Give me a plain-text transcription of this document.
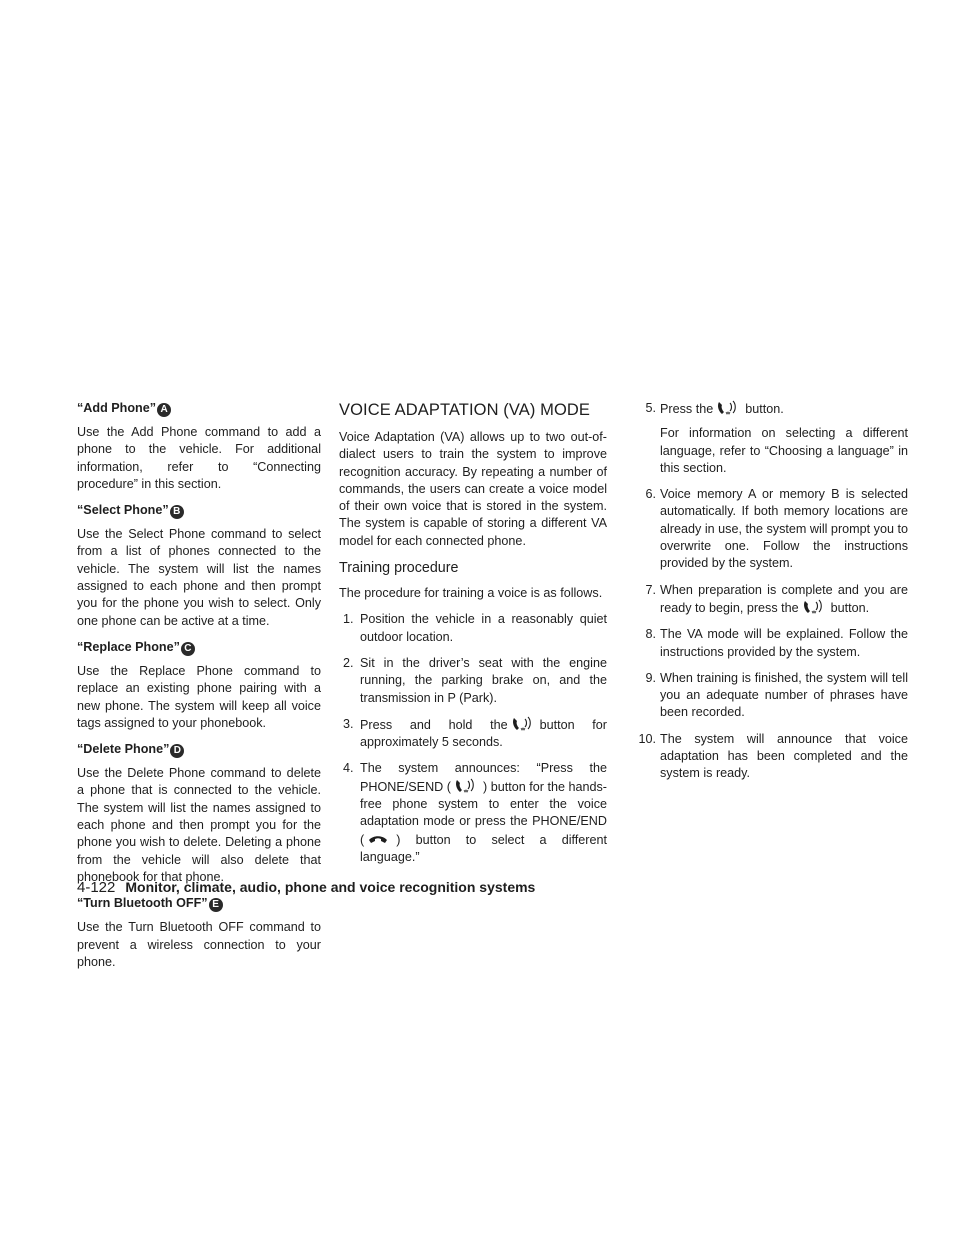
“Add Phone” A

Use the Add Phone command to add a phone to the vehicle. For additional information, refer to “Connecting procedure” in this section.

“Select Phone” B

Use the Select Phone command to select from a list of phones connected to the vehicle. The system will list the names assigned to each phone and then prompt you for the phone you wish to select. Only one phone can be active at a time.

“Replace Phone” C

Use the Replace Phone command to replace an existing phone pairing with a new phone. The system will keep all voice tags assigned to your phonebook.

“Delete Phone” D

Use the Delete Phone command to delete a phone that is connected to the vehicle. The system will list the names assigned to each phone and then prompt you for the phone you wish to delete. Deleting a phone from the vehicle will also delete that phonebook for that phone.

“Turn Bluetooth OFF” E

Use the Turn Bluetooth OFF command to prevent a wireless connection to your phone.

VOICE ADAPTATION (VA) MODE

Voice Adaptation (VA) allows up to two out-of-dialect users to train the system to improve recognition accuracy. By repeating a number of commands, the users can create a voice model of their own voice that is stored in the system. The system is capable of storing a different VA model for each connected phone.

Training procedure

The procedure for training a voice is as follows.

1. Position the vehicle in a reasonably quiet outdoor location.
2. Sit in the driver’s seat with the engine running, the parking brake on, and the transmission in P (Park).
3. Press and hold the	button for approximately 5 seconds.
4. The system announces: “Press the PHONE/SEND (	) button for the hands-free phone system to enter the voice adaptation mode or press the PHONE/END (	) button to select a different language.”
5. Press the	button.

For information on selecting a different language, refer to “Choosing a language” in this section.

6. Voice memory A or memory B is selected automatically. If both memory locations are already in use, the system will prompt you to overwrite one. Follow the instructions provided by the system.
7. When preparation is complete and you are ready to begin, press the	button.
8. The VA mode will be explained. Follow the instructions provided by the system.
9. When training is finished, the system will tell you an adequate number of phrases have been recorded.
10. The system will announce that voice adaptation has been completed and the system is ready.
4-122 Monitor, climate, audio, phone and voice recognition systems
